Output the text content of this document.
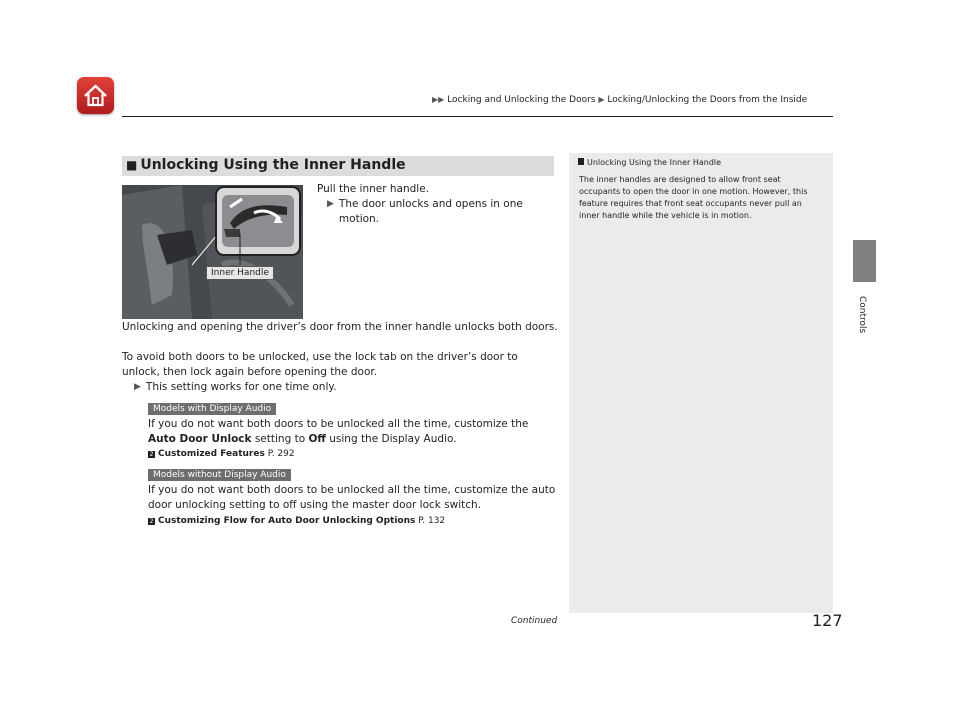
▶▶ Locking and Unlocking the Doors ▶ Locking/Unlocking the Doors from the Inside
Controls
■ Unlocking Using the Inner Handle
Inner Handle
Pull the inner handle.
▶ The door unlocks and opens in one motion.
Unlocking and opening the driver’s door from the inner handle unlocks both doors.
To avoid both doors to be unlocked, use the lock tab on the driver’s door to unlock, then lock again before opening the door.
▶ This setting works for one time only.
Models with Display Audio
If you do not want both doors to be unlocked all the time, customize the Auto Door Unlock setting to Off using the Display Audio.
2 Customized Features P. 292
Models without Display Audio
If you do not want both doors to be unlocked all the time, customize the auto door unlocking setting to off using the master door lock switch.
2 Customizing Flow for Auto Door Unlocking Options P. 132
Unlocking Using the Inner Handle
The inner handles are designed to allow front seat occupants to open the door in one motion. However, this feature requires that front seat occupants never pull an inner handle while the vehicle is in motion.
Continued	127
